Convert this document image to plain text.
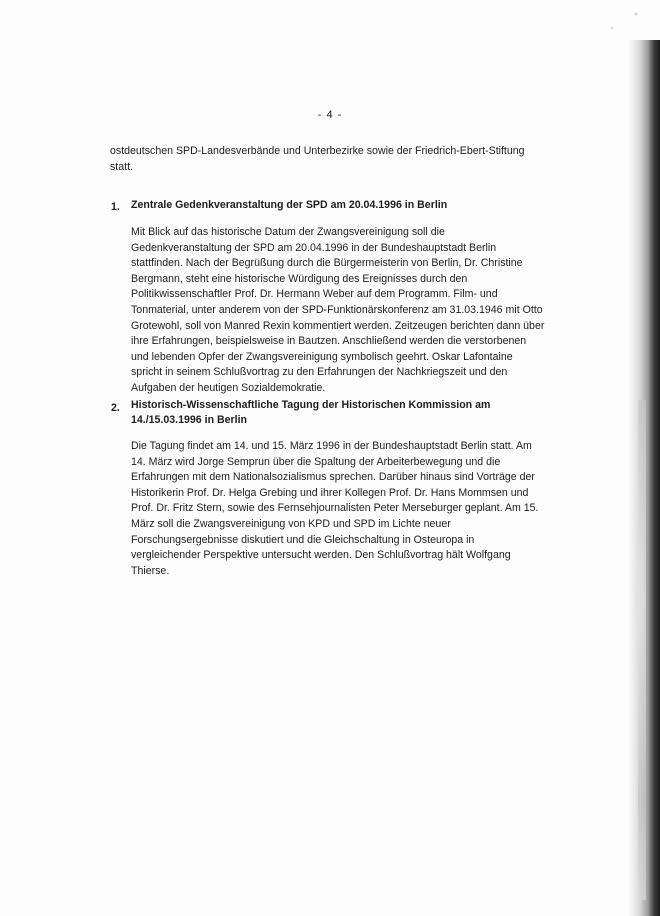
- 4 -

ostdeutschen SPD-Landesverbände und Unterbezirke sowie der Friedrich-Ebert-Stiftung statt.

1. Zentrale Gedenkveranstaltung der SPD am 20.04.1996 in Berlin

Mit Blick auf das historische Datum der Zwangsvereinigung soll die Gedenkveranstaltung der SPD am 20.04.1996 in der Bundeshauptstadt Berlin stattfinden. Nach der Begrüßung durch die Bürgermeisterin von Berlin, Dr. Christine Bergmann, steht eine historische Würdigung des Ereignisses durch den Politikwissenschaftler Prof. Dr. Hermann Weber auf dem Programm. Film- und Tonmaterial, unter anderem von der SPD-Funktionärskonferenz am 31.03.1946 mit Otto Grotewohl, soll von Manred Rexin kommentiert werden. Zeitzeugen berichten dann über ihre Erfahrungen, beispielsweise in Bautzen. Anschließend werden die verstorbenen und lebenden Opfer der Zwangsvereinigung symbolisch geehrt. Oskar Lafontaine spricht in seinem Schlußvortrag zu den Erfahrungen der Nachkriegszeit und den Aufgaben der heutigen Sozialdemokratie.

2. Historisch-Wissenschaftliche Tagung der Historischen Kommission am 14./15.03.1996 in Berlin

Die Tagung findet am 14. und 15. März 1996 in der Bundeshauptstadt Berlin statt. Am 14. März wird Jorge Semprun über die Spaltung der Arbeiterbewegung und die Erfahrungen mit dem Nationalsozialismus sprechen. Darüber hinaus sind Vorträge der Historikerin Prof. Dr. Helga Grebing und ihrer Kollegen Prof. Dr. Hans Mommsen und Prof. Dr. Fritz Stern, sowie des Fernsehjournalisten Peter Merseburger geplant. Am 15. März soll die Zwangsvereinigung von KPD und SPD im Lichte neuer Forschungsergebnisse diskutiert und die Gleichschaltung in Osteuropa in vergleichender Perspektive untersucht werden. Den Schlußvortrag hält Wolfgang Thierse.
